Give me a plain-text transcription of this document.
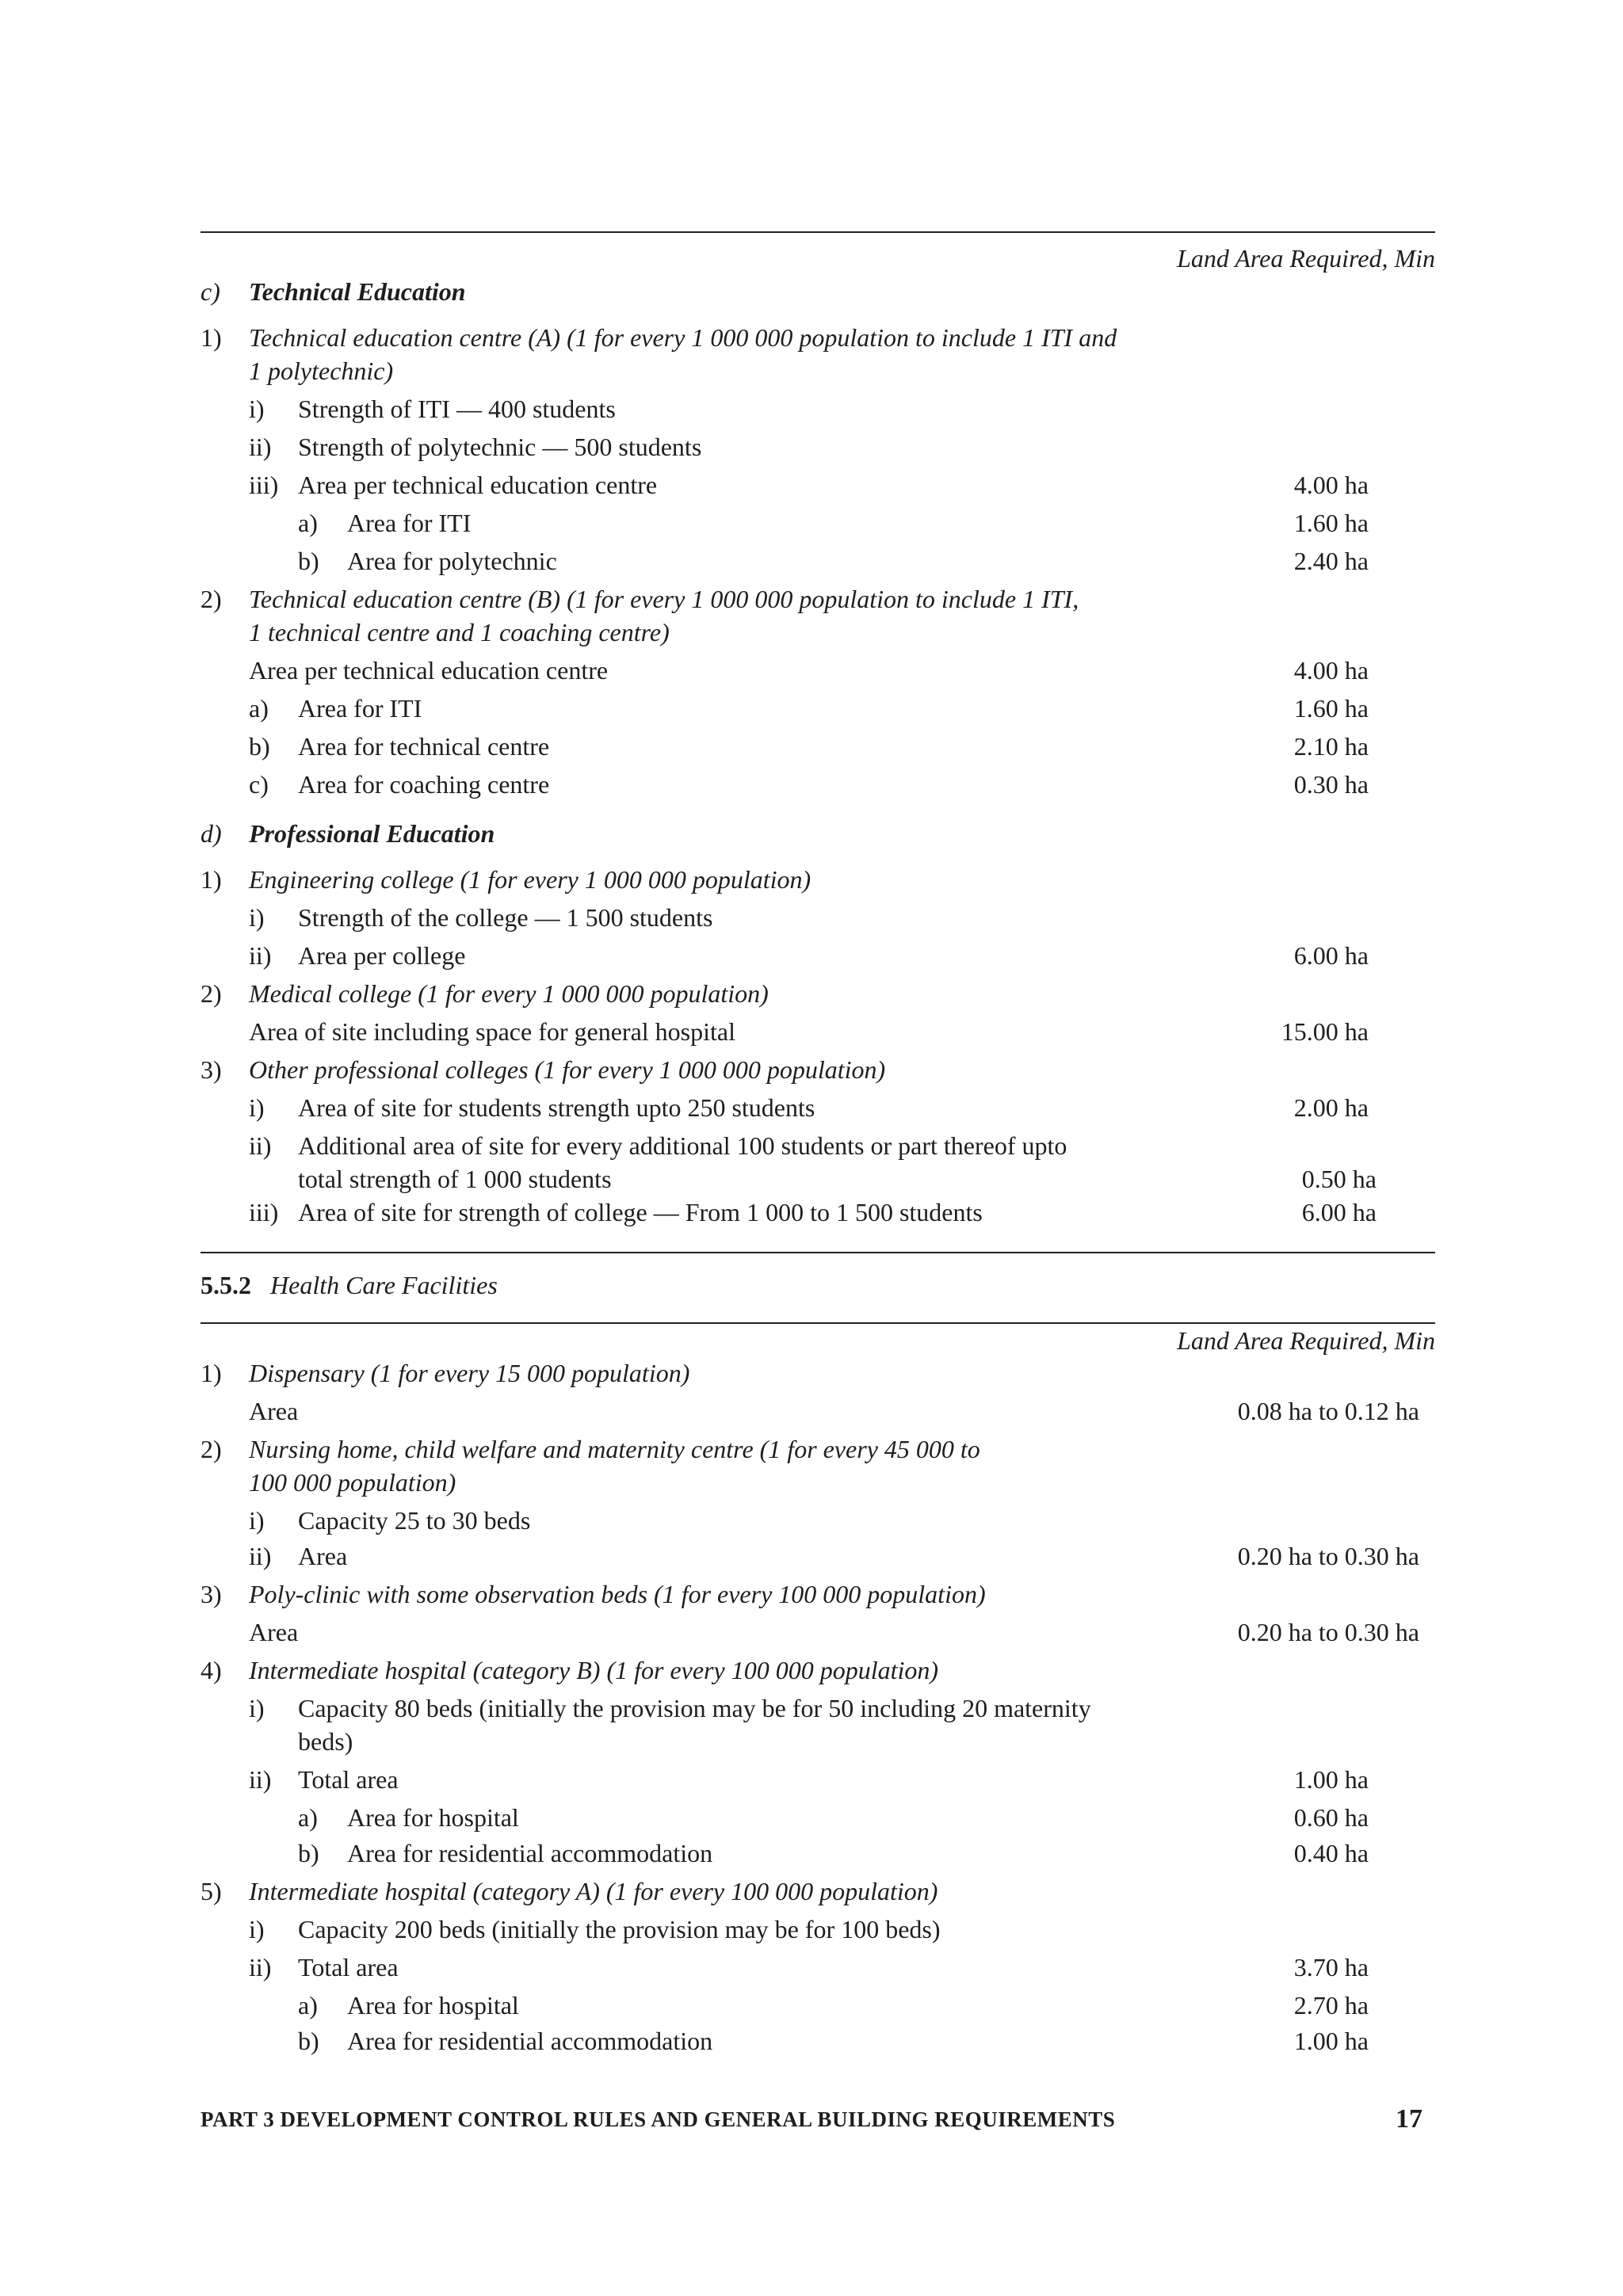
Land Area Required, Min
c) Technical Education
1) Technical education centre (A) (1 for every 1 000 000 population to include 1 ITI and
1 polytechnic)
i) Strength of ITI — 400 students
ii) Strength of polytechnic — 500 students
iii) Area per technical education centre	4.00 ha
a) Area for ITI	1.60 ha
b) Area for polytechnic	2.40 ha
2) Technical education centre (B) (1 for every 1 000 000 population to include 1 ITI,
1 technical centre and 1 coaching centre)
Area per technical education centre	4.00 ha
a) Area for ITI	1.60 ha
b) Area for technical centre	2.10 ha
c) Area for coaching centre	0.30 ha
d) Professional Education
1) Engineering college (1 for every 1 000 000 population)
i) Strength of the college — 1 500 students
ii) Area per college	6.00 ha
2) Medical college (1 for every 1 000 000 population)
Area of site including space for general hospital	15.00 ha
3) Other professional colleges (1 for every 1 000 000 population)
i) Area of site for students strength upto 250 students	2.00 ha
ii) Additional area of site for every additional 100 students or part thereof upto
total strength of 1 000 students	0.50 ha
iii) Area of site for strength of college — From 1 000 to 1 500 students	6.00 ha
5.5.2 Health Care Facilities
1) Dispensary (1 for every 15 000 population)
Area	0.08 ha to 0.12 ha
2) Nursing home, child welfare and maternity centre (1 for every 45 000 to
100 000 population)
i) Capacity 25 to 30 beds
ii) Area	0.20 ha to 0.30 ha
3) Poly-clinic with some observation beds (1 for every 100 000 population)
Area	0.20 ha to 0.30 ha
4) Intermediate hospital (category B) (1 for every 100 000 population)
i) Capacity 80 beds (initially the provision may be for 50 including 20 maternity
beds)
ii) Total area	1.00 ha
a) Area for hospital	0.60 ha
b) Area for residential accommodation	0.40 ha
5) Intermediate hospital (category A) (1 for every 100 000 population)
i) Capacity 200 beds (initially the provision may be for 100 beds)
ii) Total area	3.70 ha
a) Area for hospital	2.70 ha
b) Area for residential accommodation	1.00 ha
Land Area Required, Min
PART 3 DEVELOPMENT CONTROL RULES AND GENERAL BUILDING REQUIREMENTS	17
